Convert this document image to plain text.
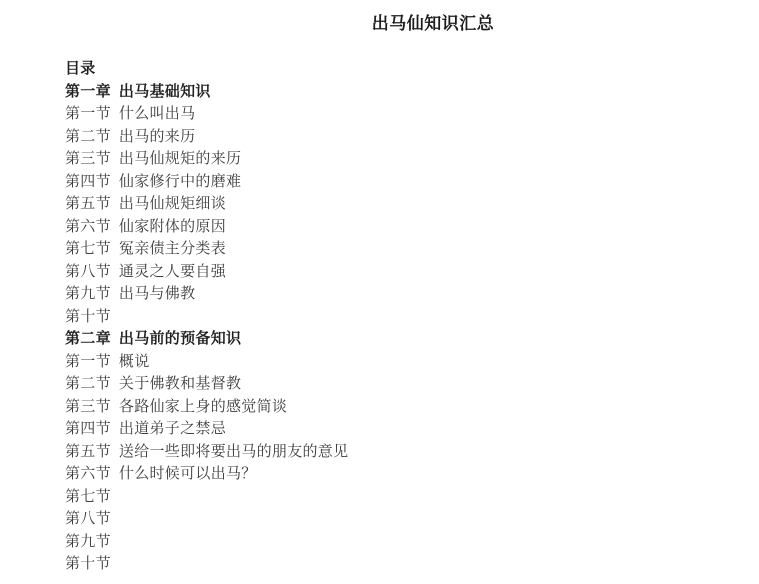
出马仙知识汇总
目录
第一章 出马基础知识
第一节 什么叫出马
第二节 出马的来历
第三节 出马仙规矩的来历
第四节 仙家修行中的磨难
第五节 出马仙规矩细谈
第六节 仙家附体的原因
第七节 冤亲债主分类表
第八节 通灵之人要自强
第九节 出马与佛教
第十节
第二章 出马前的预备知识
第一节 概说
第二节 关于佛教和基督教
第三节 各路仙家上身的感觉简谈
第四节 出道弟子之禁忌
第五节 送给一些即将要出马的朋友的意见
第六节 什么时候可以出马？
第七节
第八节
第九节
第十节
